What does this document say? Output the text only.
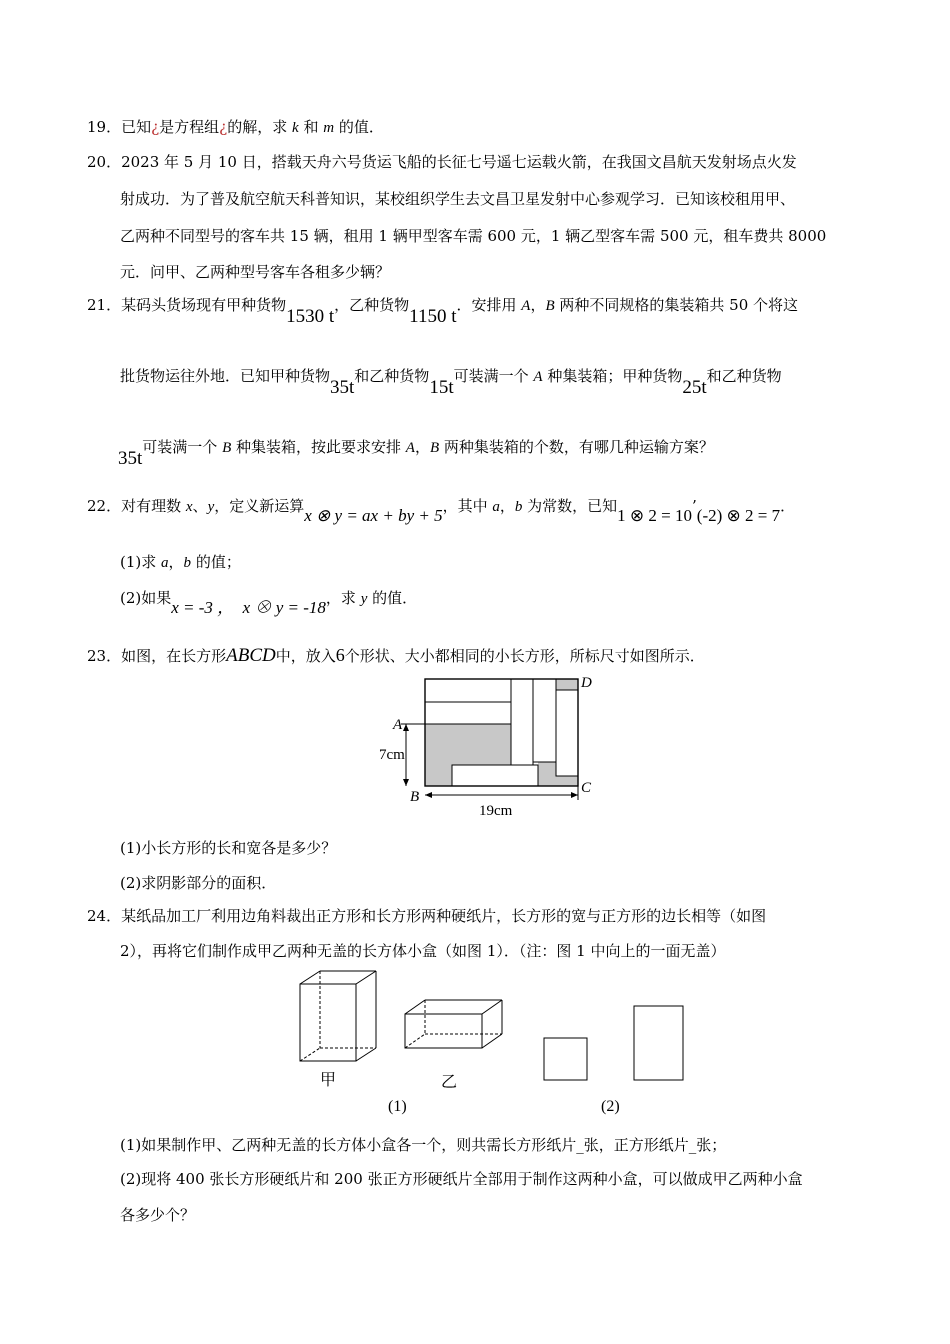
19．已知¿是方程组¿的解，求 k 和 m 的值．
20．2023 年 5 月 10 日，搭载天舟六号货运飞船的长征七号遥七运载火箭，在我国文昌航天发射场点火发
射成功．为了普及航空航天科普知识，某校组织学生去文昌卫星发射中心参观学习．已知该校租用甲、
乙两种不同型号的客车共 15 辆，租用 1 辆甲型客车需 600 元，1 辆乙型客车需 500 元，租车费共 8000
元．问甲、乙两种型号客车各租多少辆？
21．某码头货场现有甲种货物1530 t，乙种货物1150 t．安排用 A，B 两种不同规格的集装箱共 50 个将这
批货物运往外地．已知甲种货物35t和乙种货物15t可装满一个 A 种集装箱；甲种货物25t和乙种货物
35t可装满一个 B 种集装箱，按此要求安排 A，B 两种集装箱的个数，有哪几种运输方案？
22．对有理数 x、y，定义新运算x ⊗ y = ax + by + 5，其中 a，b 为常数，已知1 ⊗ 2 = 10’(-2) ⊗ 2 = 7．
(1)求 a，b 的值；
(2)如果x = -3 ，  x ⊗ y = -18，求 y 的值．
23．如图，在长方形ABCD中，放入6个形状、大小都相同的小长方形，所标尺寸如图所示．
D
A
B
C
7cm
19cm
(1)小长方形的长和宽各是多少？
(2)求阴影部分的面积．
24．某纸品加工厂利用边角料裁出正方形和长方形两种硬纸片，长方形的宽与正方形的边长相等（如图
2），再将它们制作成甲乙两种无盖的长方体小盒（如图 1）．（注：图 1 中向上的一面无盖）
甲	乙
(1)	(2)
(1)如果制作甲、乙两种无盖的长方体小盒各一个，则共需长方形纸片_张，正方形纸片_张；
(2)现将 400 张长方形硬纸片和 200 张正方形硬纸片全部用于制作这两种小盒，可以做成甲乙两种小盒
各多少个？
